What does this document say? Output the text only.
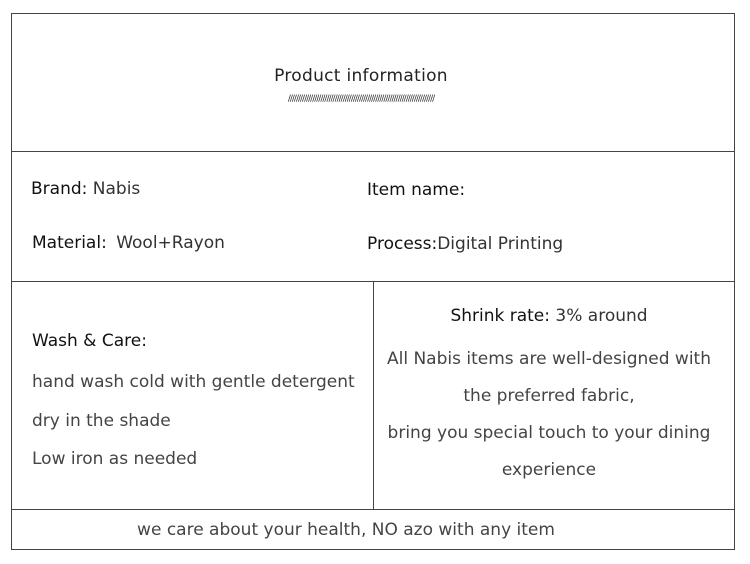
Product information
////////////////////////////////////////////////////////////////////////
Brand: Nabis	Item name:
Material: Wool+Rayon	Process:Digital Printing
Wash & Care:
hand wash cold with gentle detergent
dry in the shade
Low iron as needed
Shrink rate: 3% around
All Nabis items are well-designed with
the preferred fabric,
bring you special touch to your dining
experience
we care about your health, NO azo with any item
